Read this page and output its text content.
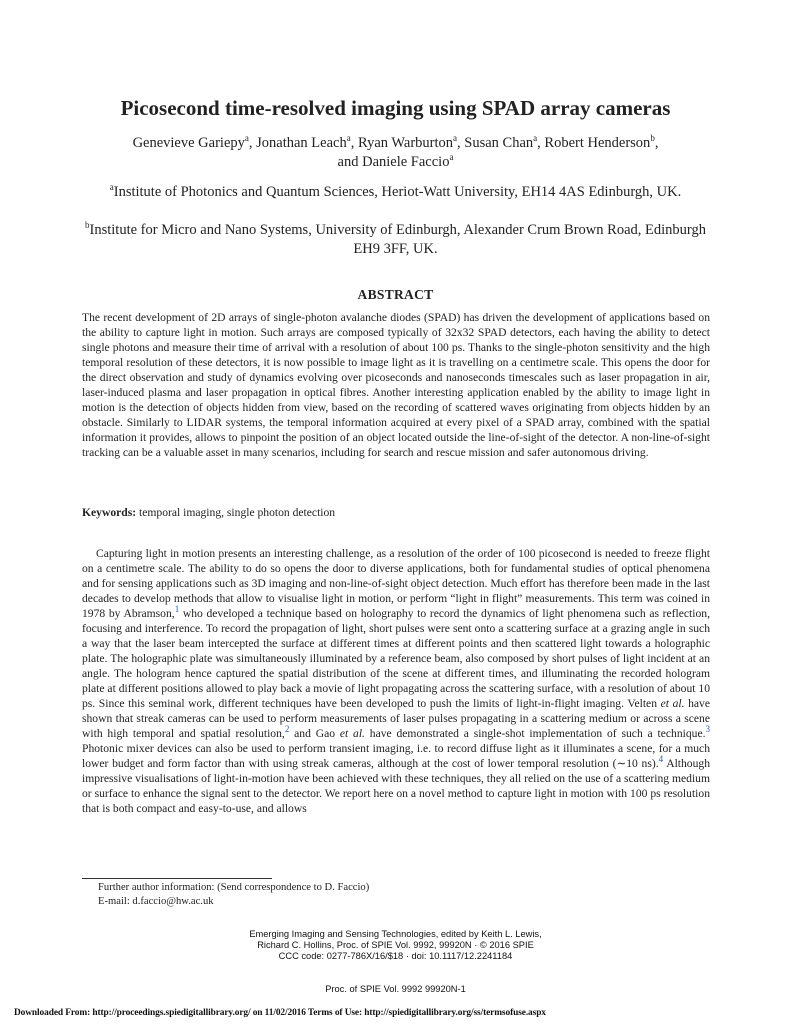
Picosecond time-resolved imaging using SPAD array cameras
Genevieve Gariepy$^a$, Jonathan Leach$^a$, Ryan Warburton$^a$, Susan Chan$^a$, Robert Henderson$^b$,
and Daniele Faccio$^a$
$^a$Institute of Photonics and Quantum Sciences, Heriot-Watt University, EH14 4AS Edinburgh, UK.
$^b$Institute for Micro and Nano Systems, University of Edinburgh, Alexander Crum Brown Road, Edinburgh EH9 3FF, UK.
ABSTRACT

The recent development of 2D arrays of single-photon avalanche diodes (SPAD) has driven the development of applications based on the ability to capture light in motion. Such arrays are composed typically of 32x32 SPAD detectors, each having the ability to detect single photons and measure their time of arrival with a resolution of about 100 ps. Thanks to the single-photon sensitivity and the high temporal resolution of these detectors, it is now possible to image light as it is travelling on a centimetre scale. This opens the door for the direct observation and study of dynamics evolving over picoseconds and nanoseconds timescales such as laser propagation in air, laser-induced plasma and laser propagation in optical fibres. Another interesting application enabled by the ability to image light in motion is the detection of objects hidden from view, based on the recording of scattered waves originating from objects hidden by an obstacle. Similarly to LIDAR systems, the temporal information acquired at every pixel of a SPAD array, combined with the spatial information it provides, allows to pinpoint the position of an object located outside the line-of-sight of the detector. A non-line-of-sight tracking can be a valuable asset in many scenarios, including for search and rescue mission and safer autonomous driving.

Keywords: temporal imaging, single photon detection

Capturing light in motion presents an interesting challenge, as a resolution of the order of 100 picosecond is needed to freeze flight on a centimetre scale. The ability to do so opens the door to diverse applications, both for fundamental studies of optical phenomena and for sensing applications such as 3D imaging and non-line-of-sight object detection. Much effort has therefore been made in the last decades to develop methods that allow to visualise light in motion, or perform “light in flight” measurements. This term was coined in 1978 by Abramson,$^1$ who developed a technique based on holography to record the dynamics of light phenomena such as reflection, focusing and interference. To record the propagation of light, short pulses were sent onto a scattering surface at a grazing angle in such a way that the laser beam intercepted the surface at different times at different points and then scattered light towards a holographic plate. The holographic plate was simultaneously illuminated by a reference beam, also composed by short pulses of light incident at an angle. The hologram hence captured the spatial distribution of the scene at different times, and illuminating the recorded hologram plate at different positions allowed to play back a movie of light propagating across the scattering surface, with a resolution of about 10 ps. Since this seminal work, different techniques have been developed to push the limits of light-in-flight imaging. Velten et al. have shown that streak cameras can be used to perform measurements of laser pulses propagating in a scattering medium or across a scene with high temporal and spatial resolution,$^2$ and Gao et al. have demonstrated a single-shot implementation of such a technique.$^3$ Photonic mixer devices can also be used to perform transient imaging, i.e. to record diffuse light as it illuminates a scene, for a much lower budget and form factor than with using streak cameras, although at the cost of lower temporal resolution (∼10 ns).$^4$ Although impressive visualisations of light-in-motion have been achieved with these techniques, they all relied on the use of a scattering medium or surface to enhance the signal sent to the detector. We report here on a novel method to capture light in motion with 100 ps resolution that is both compact and easy-to-use, and allows

Further author information: (Send correspondence to D. Faccio)
E-mail: d.faccio@hw.ac.uk
Emerging Imaging and Sensing Technologies, edited by Keith L. Lewis,
Richard C. Hollins, Proc. of SPIE Vol. 9992, 99920N · © 2016 SPIE
CCC code: 0277-786X/16/$18 · doi: 10.1117/12.2241184
Proc. of SPIE Vol. 9992 99920N-1
Downloaded From: http://proceedings.spiedigitallibrary.org/ on 11/02/2016 Terms of Use: http://spiedigitallibrary.org/ss/termsofuse.aspx
